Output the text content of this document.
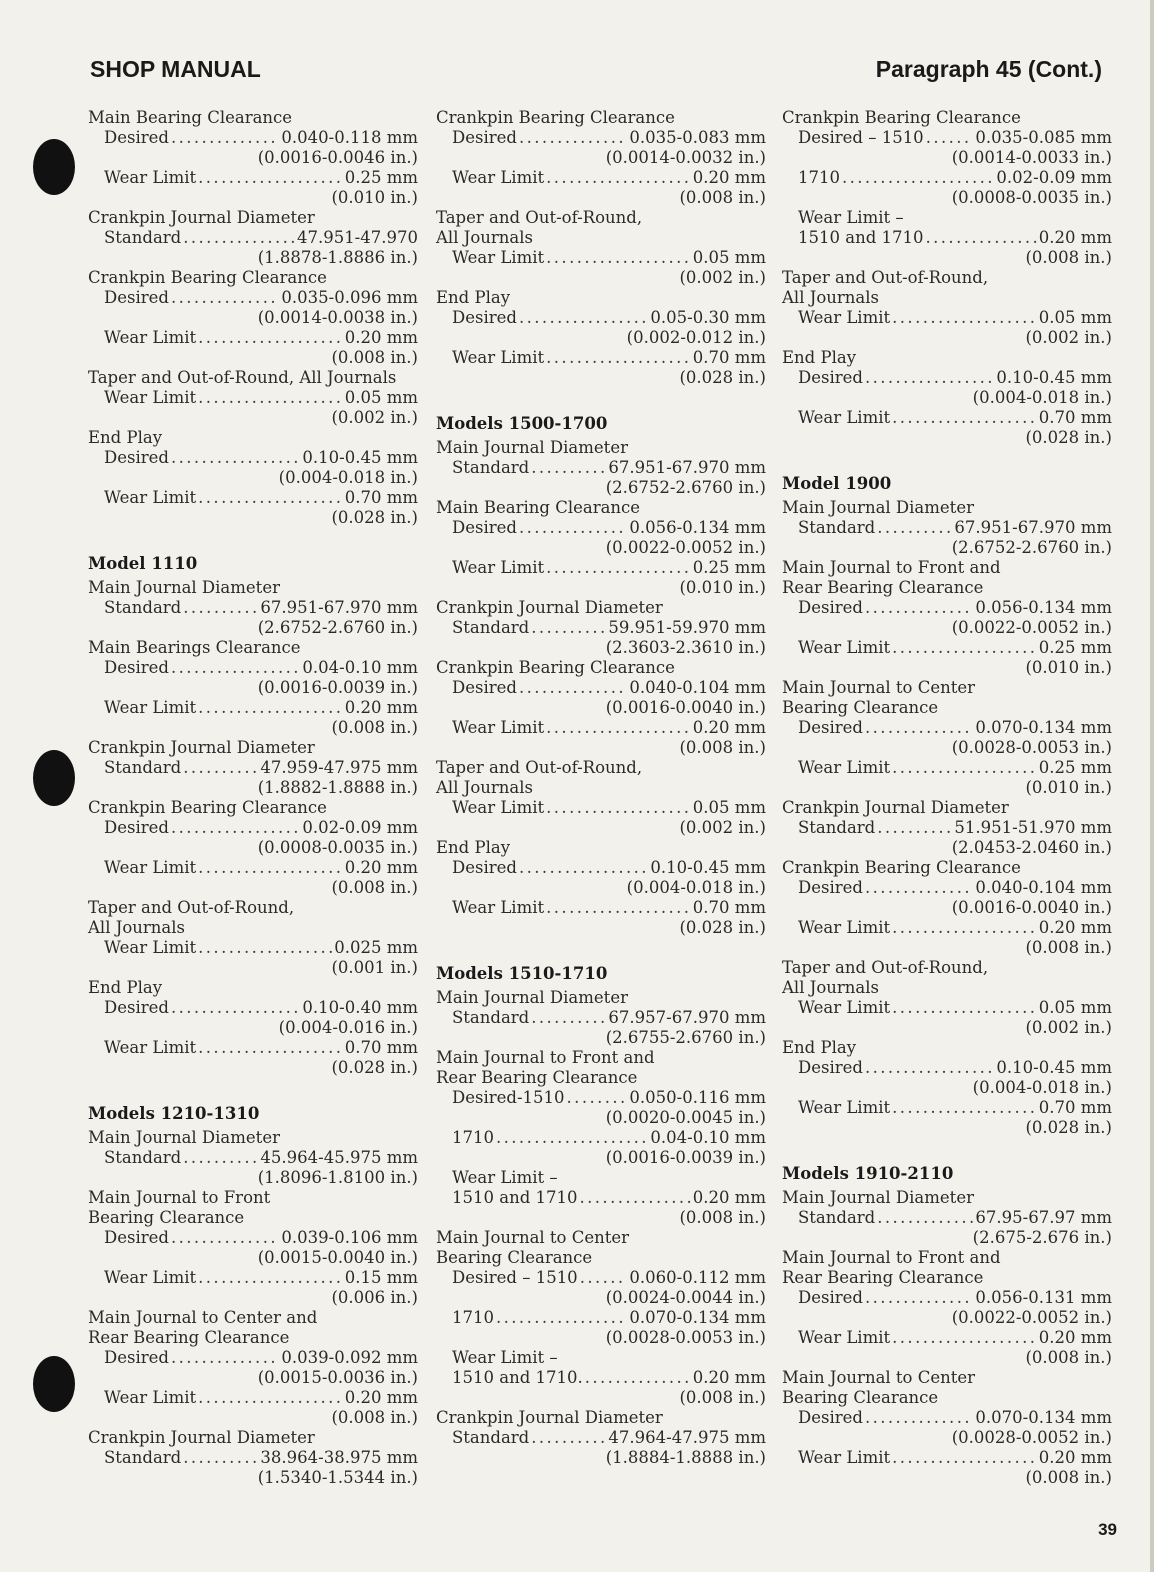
SHOP MANUAL	Paragraph 45 (Cont.)
Main Bearing Clearance
Desired .....	0.040-0.118 mm
(0.0016-0.0046 in.)
Wear Limit .....	0.25 mm
(0.010 in.)
Crankpin Journal Diameter
Standard .....	47.951-47.970
(1.8878-1.8886 in.)
Crankpin Bearing Clearance
Desired .....	0.035-0.096 mm
(0.0014-0.0038 in.)
Wear Limit .....	0.20 mm
(0.008 in.)
Taper and Out-of-Round, All Journals
Wear Limit .....	0.05 mm
(0.002 in.)
End Play
Desired .....	0.10-0.45 mm
(0.004-0.018 in.)
Wear Limit .....	0.70 mm
(0.028 in.)
Model 1110
Main Journal Diameter
Standard .....	67.951-67.970 mm
(2.6752-2.6760 in.)
Main Bearings Clearance
Desired .....	0.04-0.10 mm
(0.0016-0.0039 in.)
Wear Limit .....	0.20 mm
(0.008 in.)
Crankpin Journal Diameter
Standard .....	47.959-47.975 mm
(1.8882-1.8888 in.)
Crankpin Bearing Clearance
Desired .....	0.02-0.09 mm
(0.0008-0.0035 in.)
Wear Limit .....	0.20 mm
(0.008 in.)
Taper and Out-of-Round,
All Journals
Wear Limit .....	0.025 mm
(0.001 in.)
End Play
Desired .....	0.10-0.40 mm
(0.004-0.016 in.)
Wear Limit .....	0.70 mm
(0.028 in.)
Models 1210-1310
Main Journal Diameter
Standard .....	45.964-45.975 mm
(1.8096-1.8100 in.)
Main Journal to Front
Bearing Clearance
Desired .....	0.039-0.106 mm
(0.0015-0.0040 in.)
Wear Limit .....	0.15 mm
(0.006 in.)
Main Journal to Center and
Rear Bearing Clearance
Desired .....	0.039-0.092 mm
(0.0015-0.0036 in.)
Wear Limit .....	0.20 mm
(0.008 in.)
Crankpin Journal Diameter
Standard .....	38.964-38.975 mm
(1.5340-1.5344 in.)
Crankpin Bearing Clearance
Desired .....	0.035-0.083 mm
(0.0014-0.0032 in.)
Wear Limit .....	0.20 mm
(0.008 in.)
Taper and Out-of-Round,
All Journals
Wear Limit .....	0.05 mm
(0.002 in.)
End Play
Desired .....	0.05-0.30 mm
(0.002-0.012 in.)
Wear Limit .....	0.70 mm
(0.028 in.)
Models 1500-1700
Main Journal Diameter
Standard .....	67.951-67.970 mm
(2.6752-2.6760 in.)
Main Bearing Clearance
Desired .....	0.056-0.134 mm
(0.0022-0.0052 in.)
Wear Limit .....	0.25 mm
(0.010 in.)
Crankpin Journal Diameter
Standard .....	59.951-59.970 mm
(2.3603-2.3610 in.)
Crankpin Bearing Clearance
Desired .....	0.040-0.104 mm
(0.0016-0.0040 in.)
Wear Limit .....	0.20 mm
(0.008 in.)
Taper and Out-of-Round,
All Journals
Wear Limit .....	0.05 mm
(0.002 in.)
End Play
Desired .....	0.10-0.45 mm
(0.004-0.018 in.)
Wear Limit .....	0.70 mm
(0.028 in.)
Models 1510-1710
Main Journal Diameter
Standard .....	67.957-67.970 mm
(2.6755-2.6760 in.)
Main Journal to Front and
Rear Bearing Clearance
Desired-1510 .....	0.050-0.116 mm
(0.0020-0.0045 in.)
1710 .....	0.04-0.10 mm
(0.0016-0.0039 in.)
Wear Limit –
1510 and 1710 .....	0.20 mm
(0.008 in.)
Main Journal to Center
Bearing Clearance
Desired – 1510 .....	0.060-0.112 mm
(0.0024-0.0044 in.)
1710 .....	0.070-0.134 mm
(0.0028-0.0053 in.)
Wear Limit –
1510 and 1710. .....	0.20 mm
(0.008 in.)
Crankpin Journal Diameter
Standard .....	47.964-47.975 mm
(1.8884-1.8888 in.)
Crankpin Bearing Clearance
Desired – 1510 .....	0.035-0.085 mm
(0.0014-0.0033 in.)
1710 .....	0.02-0.09 mm
(0.0008-0.0035 in.)
Wear Limit –
1510 and 1710 .....	0.20 mm
(0.008 in.)
Taper and Out-of-Round,
All Journals
Wear Limit .....	0.05 mm
(0.002 in.)
End Play
Desired .....	0.10-0.45 mm
(0.004-0.018 in.)
Wear Limit .....	0.70 mm
(0.028 in.)
Model 1900
Main Journal Diameter
Standard .....	67.951-67.970 mm
(2.6752-2.6760 in.)
Main Journal to Front and
Rear Bearing Clearance
Desired .....	0.056-0.134 mm
(0.0022-0.0052 in.)
Wear Limit .....	0.25 mm
(0.010 in.)
Main Journal to Center
Bearing Clearance
Desired .....	0.070-0.134 mm
(0.0028-0.0053 in.)
Wear Limit .....	0.25 mm
(0.010 in.)
Crankpin Journal Diameter
Standard .....	51.951-51.970 mm
(2.0453-2.0460 in.)
Crankpin Bearing Clearance
Desired .....	0.040-0.104 mm
(0.0016-0.0040 in.)
Wear Limit .....	0.20 mm
(0.008 in.)
Taper and Out-of-Round,
All Journals
Wear Limit .....	0.05 mm
(0.002 in.)
End Play
Desired .....	0.10-0.45 mm
(0.004-0.018 in.)
Wear Limit .....	0.70 mm
(0.028 in.)
Models 1910-2110
Main Journal Diameter
Standard .....	67.95-67.97 mm
(2.675-2.676 in.)
Main Journal to Front and
Rear Bearing Clearance
Desired .....	0.056-0.131 mm
(0.0022-0.0052 in.)
Wear Limit .....	0.20 mm
(0.008 in.)
Main Journal to Center
Bearing Clearance
Desired .....	0.070-0.134 mm
(0.0028-0.0052 in.)
Wear Limit .....	0.20 mm
(0.008 in.)
39
